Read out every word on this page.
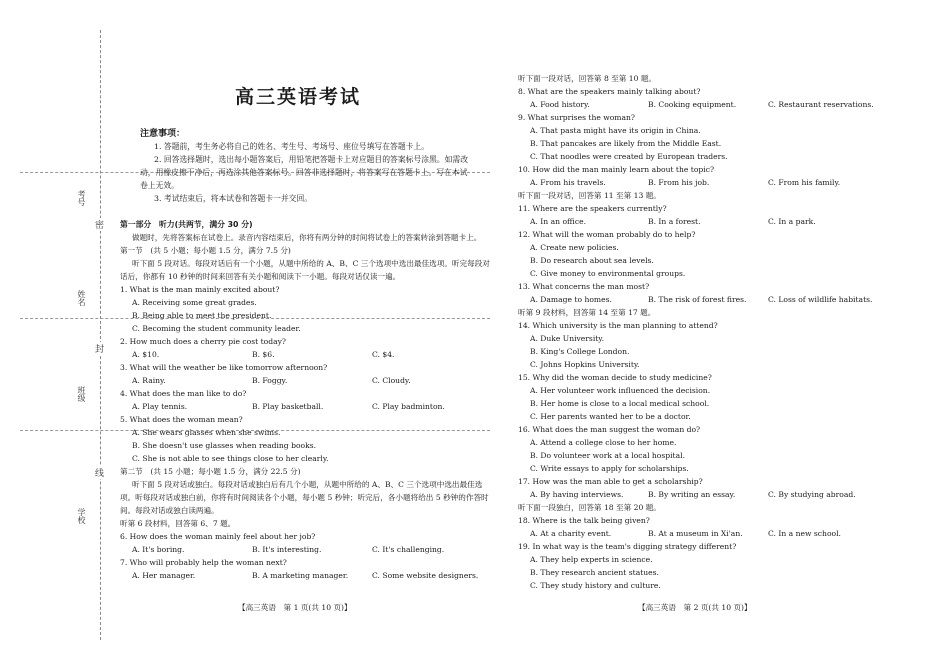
考号
姓名
班级
学校
密
封
线
高三英语考试
注意事项：

1. 答题前，考生务必将自己的姓名、考生号、考场号、座位号填写在答题卡上。

2. 回答选择题时，选出每小题答案后，用铅笔把答题卡上对应题目的答案标号涂黑。如需改动，用橡皮擦干净后，再选涂其他答案标号。回答非选择题时，将答案写在答题卡上。写在本试卷上无效。

3. 考试结束后，将本试卷和答题卡一并交回。

第一部分　听力(共两节，满分 30 分)
做题时，先将答案标在试卷上。录音内容结束后，你将有两分钟的时间将试卷上的答案转涂到答题卡上。
第一节　(共 5 小题；每小题 1.5 分，满分 7.5 分)
听下面 5 段对话。每段对话后有一个小题，从题中所给的 A、B、C 三个选项中选出最佳选项。听完每段对话后，你都有 10 秒钟的时间来回答有关小题和阅读下一小题。每段对话仅读一遍。
1. What is the man mainly excited about?
A. Receiving some great grades.
B. Being able to meet the president.
C. Becoming the student community leader.
2. How much does a cherry pie cost today?
A. $10.	B. $6.	C. $4.
3. What will the weather be like tomorrow afternoon?
A. Rainy.	B. Foggy.	C. Cloudy.
4. What does the man like to do?
A. Play tennis.	B. Play basketball.	C. Play badminton.
5. What does the woman mean?
A. She wears glasses when she swims.
B. She doesn't use glasses when reading books.
C. She is not able to see things close to her clearly.
第二节　(共 15 小题；每小题 1.5 分，满分 22.5 分)
听下面 5 段对话或独白。每段对话或独白后有几个小题，从题中所给的 A、B、C 三个选项中选出最佳选项。听每段对话或独白前，你将有时间阅读各个小题，每小题 5 秒钟；听完后，各小题将给出 5 秒钟的作答时间。每段对话或独白读两遍。
听第 6 段材料，回答第 6、7 题。
6. How does the woman mainly feel about her job?
A. It's boring.	B. It's interesting.	C. It's challenging.
7. Who will probably help the woman next?
A. Her manager.	B. A marketing manager.	C. Some website designers.
听下面一段对话，回答第 8 至第 10 题。
8. What are the speakers mainly talking about?
A. Food history.	B. Cooking equipment.	C. Restaurant reservations.
9. What surprises the woman?
A. That pasta might have its origin in China.
B. That pancakes are likely from the Middle East.
C. That noodles were created by European traders.
10. How did the man mainly learn about the topic?
A. From his travels.	B. From his job.	C. From his family.
听下面一段对话，回答第 11 至第 13 题。
11. Where are the speakers currently?
A. In an office.	B. In a forest.	C. In a park.
12. What will the woman probably do to help?
A. Create new policies.
B. Do research about sea levels.
C. Give money to environmental groups.
13. What concerns the man most?
A. Damage to homes.	B. The risk of forest fires.	C. Loss of wildlife habitats.
听第 9 段材料，回答第 14 至第 17 题。
14. Which university is the man planning to attend?
A. Duke University.
B. King's College London.
C. Johns Hopkins University.
15. Why did the woman decide to study medicine?
A. Her volunteer work influenced the decision.
B. Her home is close to a local medical school.
C. Her parents wanted her to be a doctor.
16. What does the man suggest the woman do?
A. Attend a college close to her home.
B. Do volunteer work at a local hospital.
C. Write essays to apply for scholarships.
17. How was the man able to get a scholarship?
A. By having interviews.	B. By writing an essay.	C. By studying abroad.
听下面一段独白，回答第 18 至第 20 题。
18. Where is the talk being given?
A. At a charity event.	B. At a museum in Xi'an.	C. In a new school.
19. In what way is the team's digging strategy different?
A. They help experts in science.
B. They research ancient statues.
C. They study history and culture.
【高三英语　第 1 页(共 10 页)】	【高三英语　第 2 页(共 10 页)】
